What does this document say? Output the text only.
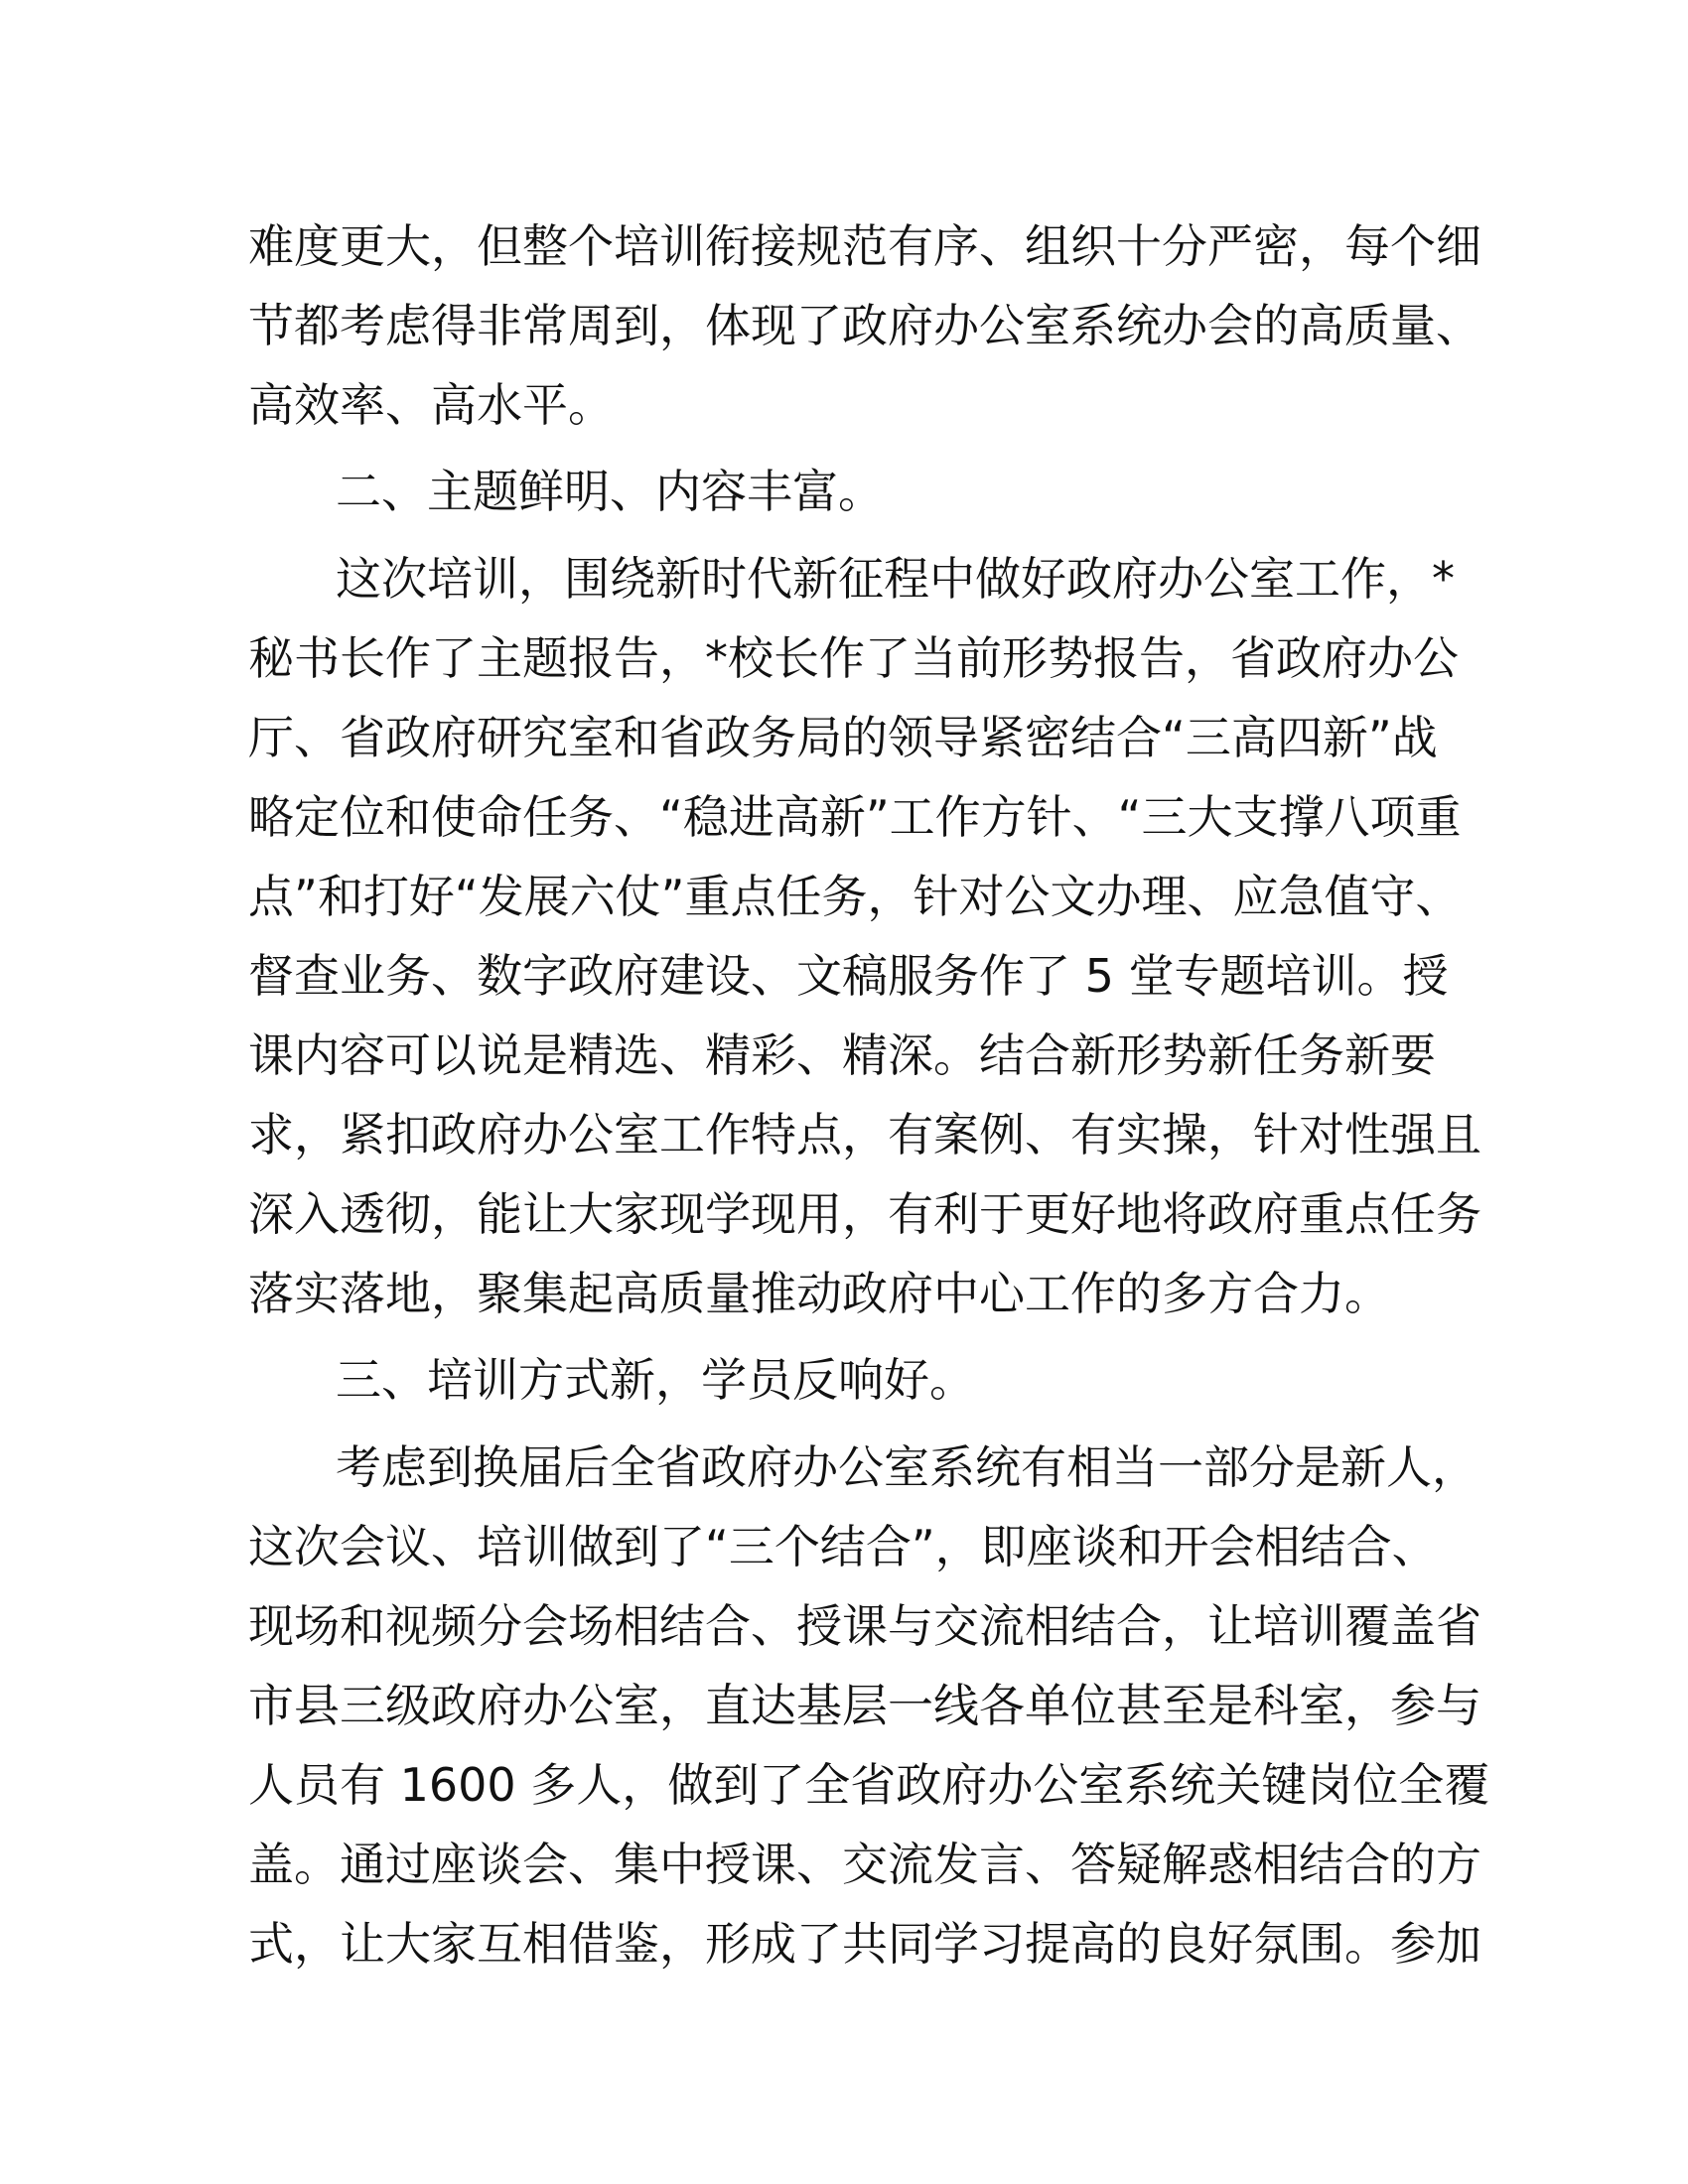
难度更大，但整个培训衔接规范有序、组织十分严密，每个细
节都考虑得非常周到，体现了政府办公室系统办会的高质量、
高效率、高水平。
二、主题鲜明、内容丰富。
这次培训，围绕新时代新征程中做好政府办公室工作，*
秘书长作了主题报告，*校长作了当前形势报告，省政府办公
厅、省政府研究室和省政务局的领导紧密结合“三高四新”战
略定位和使命任务、“稳进高新”工作方针、“三大支撑八项重
点”和打好“发展六仗”重点任务，针对公文办理、应急值守、
督查业务、数字政府建设、文稿服务作了 5 堂专题培训。授
课内容可以说是精选、精彩、精深。结合新形势新任务新要
求，紧扣政府办公室工作特点，有案例、有实操，针对性强且
深入透彻，能让大家现学现用，有利于更好地将政府重点任务
落实落地，聚集起高质量推动政府中心工作的多方合力。
三、培训方式新，学员反响好。
考虑到换届后全省政府办公室系统有相当一部分是新人，
这次会议、培训做到了“三个结合”，即座谈和开会相结合、
现场和视频分会场相结合、授课与交流相结合，让培训覆盖省
市县三级政府办公室，直达基层一线各单位甚至是科室，参与
人员有 1600 多人，做到了全省政府办公室系统关键岗位全覆
盖。通过座谈会、集中授课、交流发言、答疑解惑相结合的方
式，让大家互相借鉴，形成了共同学习提高的良好氛围。参加
